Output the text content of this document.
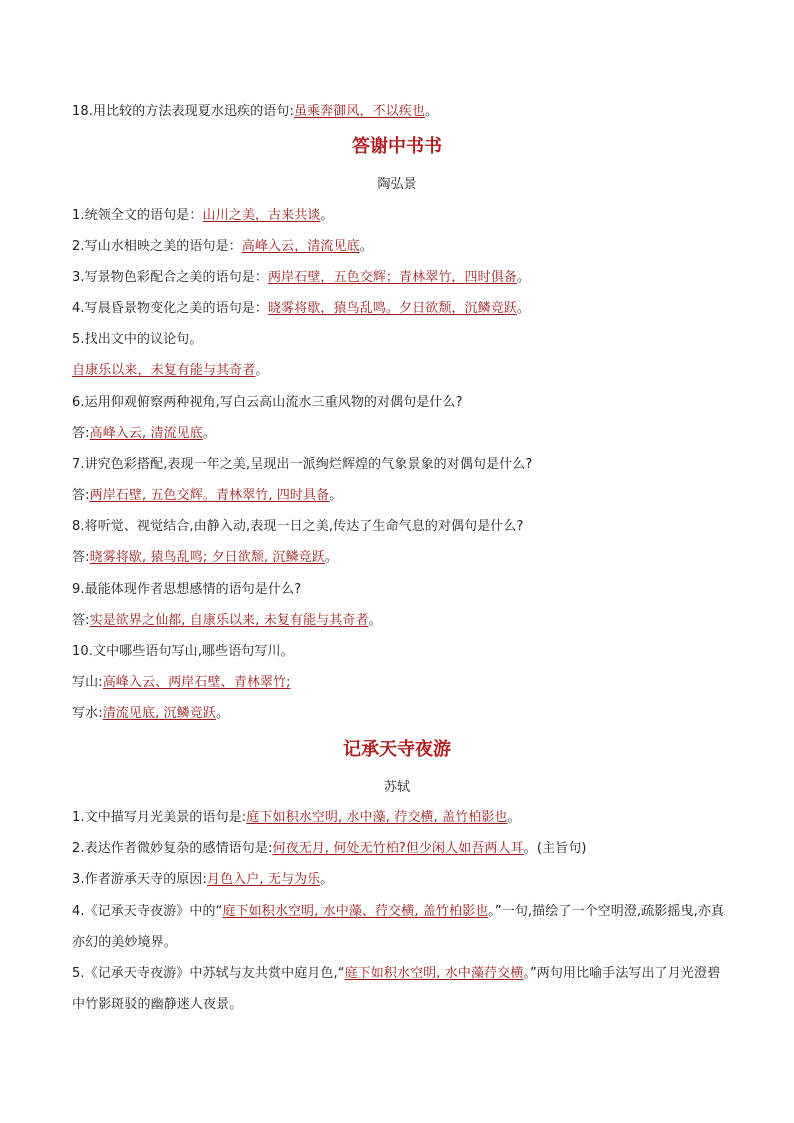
18.用比较的方法表现夏水迅疾的语句:虽乘奔御风，不以疾也。
答谢中书书
陶弘景
1.统领全文的语句是：山川之美，古来共谈。
2.写山水相映之美的语句是：高峰入云，清流见底。
3.写景物色彩配合之美的语句是：两岸石壁，五色交辉；青林翠竹，四时俱备。
4.写晨昏景物变化之美的语句是：晓雾将歇，猿鸟乱鸣。夕日欲颓，沉鳞竞跃。
5.找出文中的议论句。
自康乐以来，未复有能与其奇者。
6.运用仰观俯察两种视角,写白云高山流水三重风物的对偶句是什么?
答:高峰入云, 清流见底。
7.讲究色彩搭配,表现一年之美,呈现出一派绚烂辉煌的气象景象的对偶句是什么?
答:两岸石壁, 五色交辉。青林翠竹, 四时具备。
8.将听觉、视觉结合,由静入动,表现一日之美,传达了生命气息的对偶句是什么?
答:晓雾将歇, 猿鸟乱鸣; 夕日欲颓, 沉鳞竞跃。
9.最能体现作者思想感情的语句是什么?
答:实是欲界之仙都, 自康乐以来, 未复有能与其奇者。
10.文中哪些语句写山,哪些语句写川。
写山:高峰入云、两岸石壁、青林翠竹;
写水:清流见底, 沉鳞竞跃。
记承天寺夜游
苏轼
1.文中描写月光美景的语句是:庭下如积水空明, 水中藻, 荇交横, 盖竹柏影也。
2.表达作者微妙复杂的感情语句是:何夜无月, 何处无竹柏?但少闲人如吾两人耳。(主旨句)
3.作者游承天寺的原因:月色入户, 无与为乐。
4.《记承天寺夜游》中的“庭下如积水空明, 水中藻、荇交横, 盖竹柏影也。”一句,描绘了一个空明澄,疏影摇曳,亦真亦幻的美妙境界。
5.《记承天寺夜游》中苏轼与友共赏中庭月色,“庭下如积水空明, 水中藻荇交横。”两句用比喻手法写出了月光澄碧中竹影斑驳的幽静迷人夜景。
